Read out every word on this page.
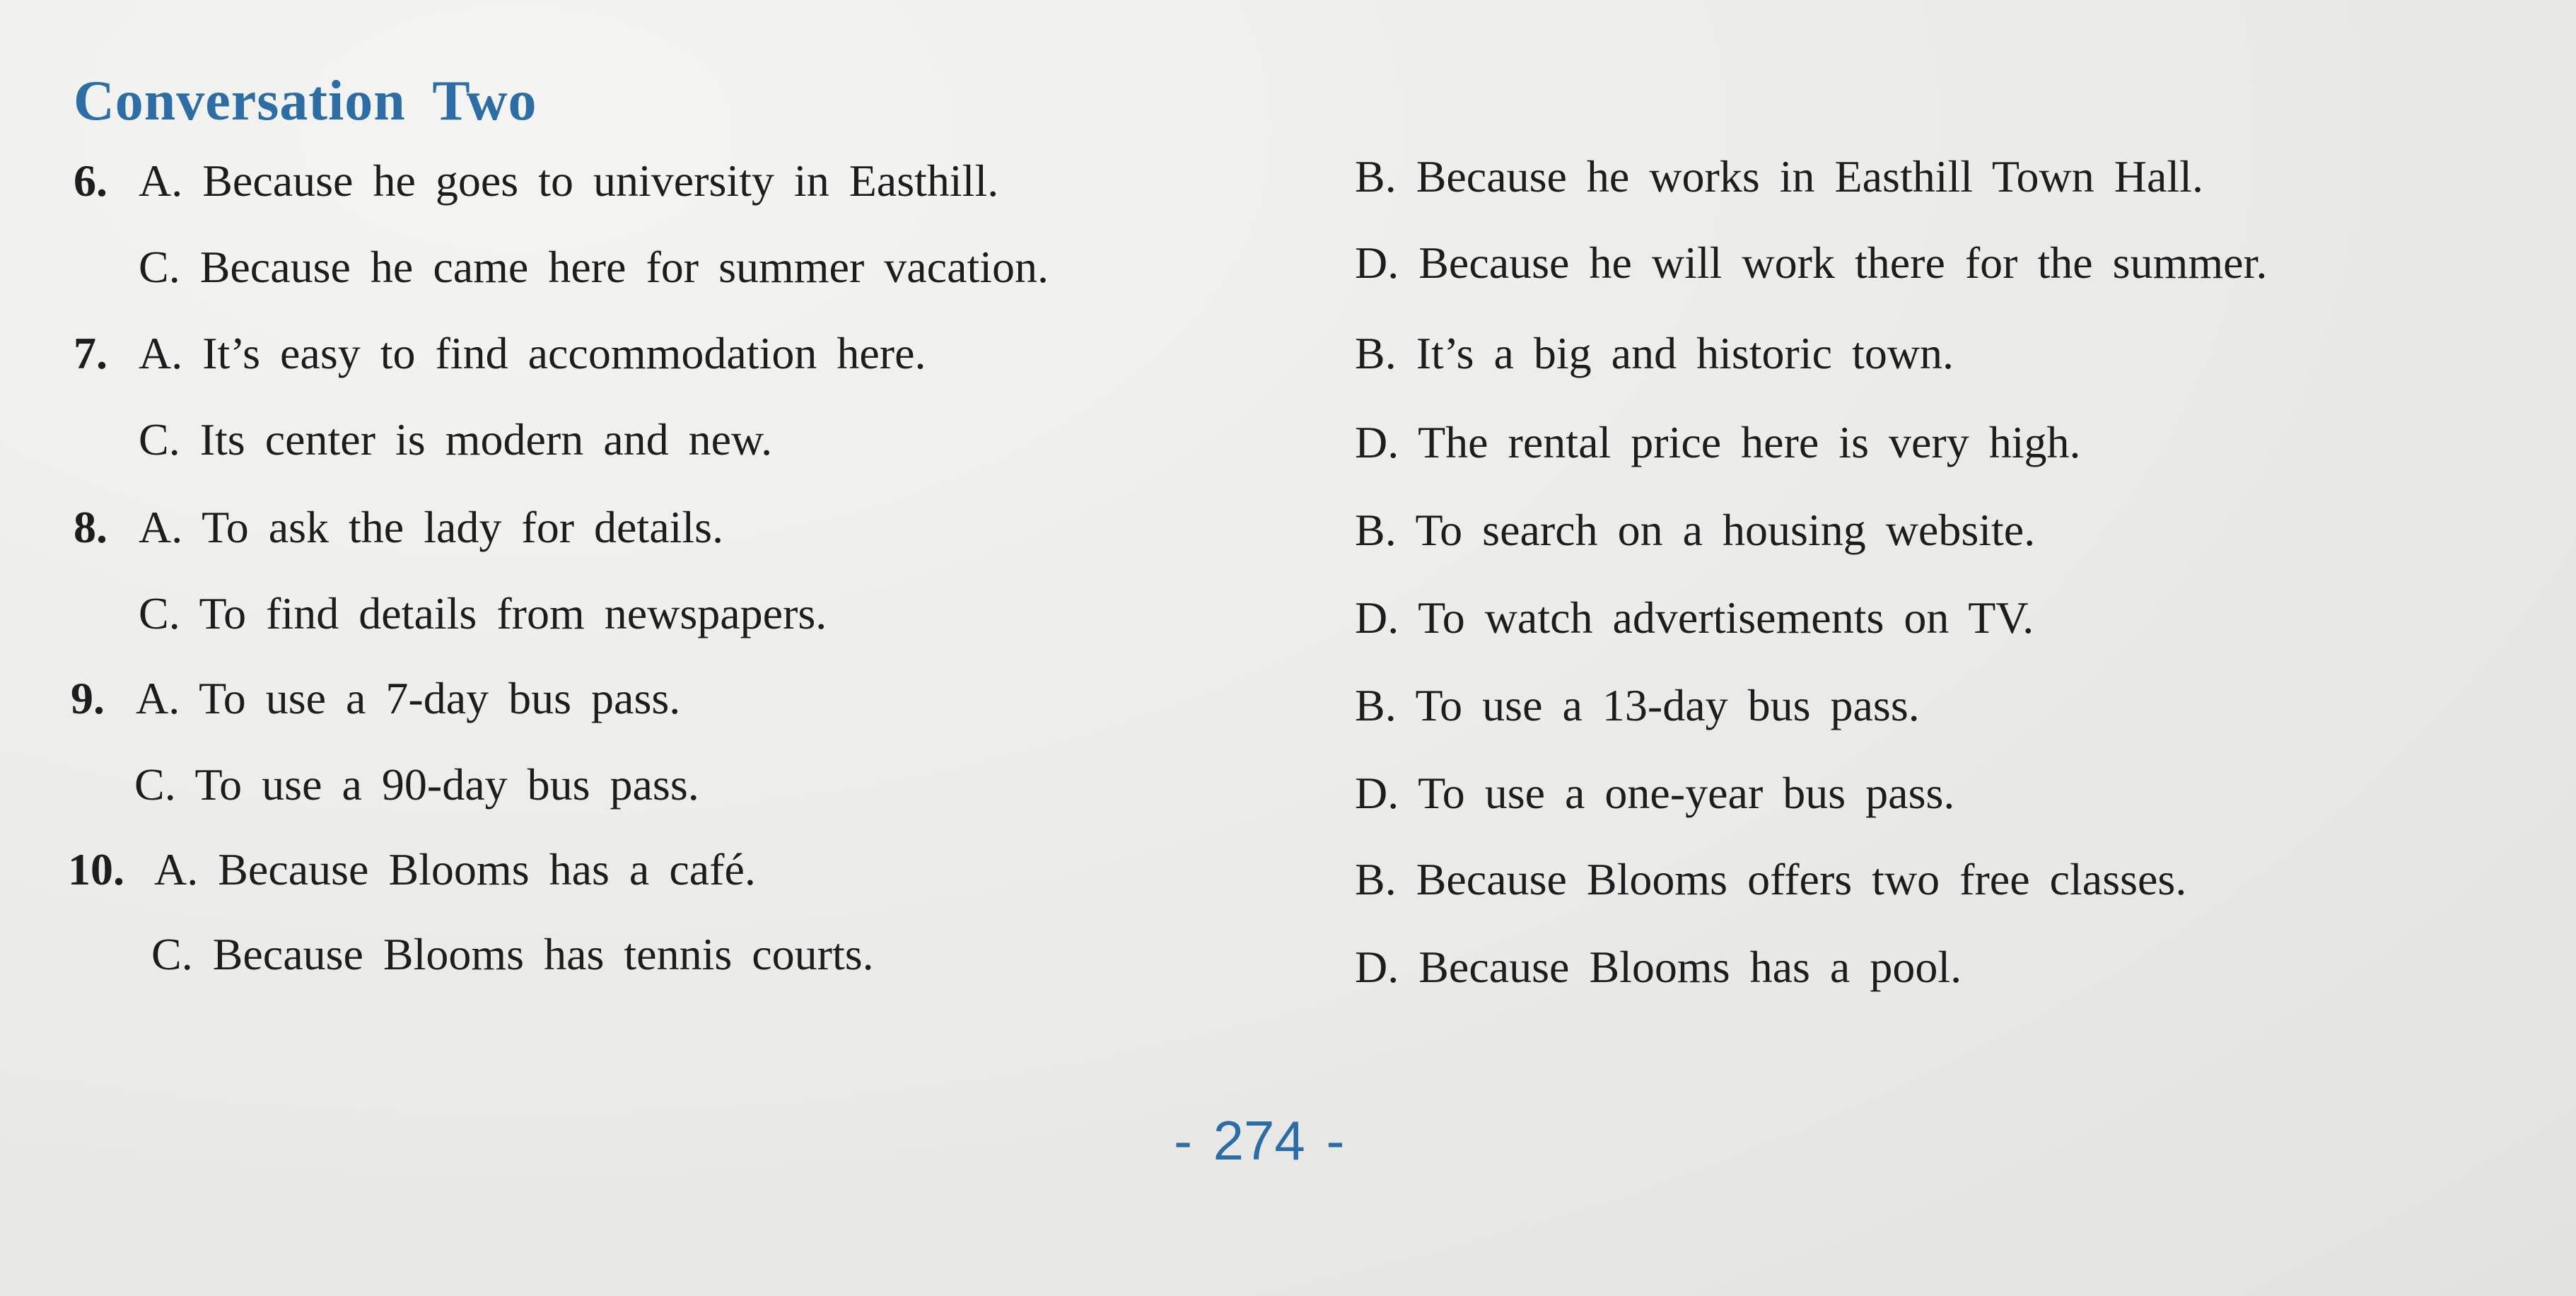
Conversation Two
6. A. Because he goes to university in Easthill.	B. Because he works in Easthill Town Hall.
C. Because he came here for summer vacation.	D. Because he will work there for the summer.
7. A. It’s easy to find accommodation here.	B. It’s a big and historic town.
C. Its center is modern and new.	D. The rental price here is very high.
8. A. To ask the lady for details.	B. To search on a housing website.
C. To find details from newspapers.	D. To watch advertisements on TV.
9. A. To use a 7-day bus pass.	B. To use a 13-day bus pass.
C. To use a 90-day bus pass.	D. To use a one-year bus pass.
10. A. Because Blooms has a café.	B. Because Blooms offers two free classes.
C. Because Blooms has tennis courts.	D. Because Blooms has a pool.
- 274 -
